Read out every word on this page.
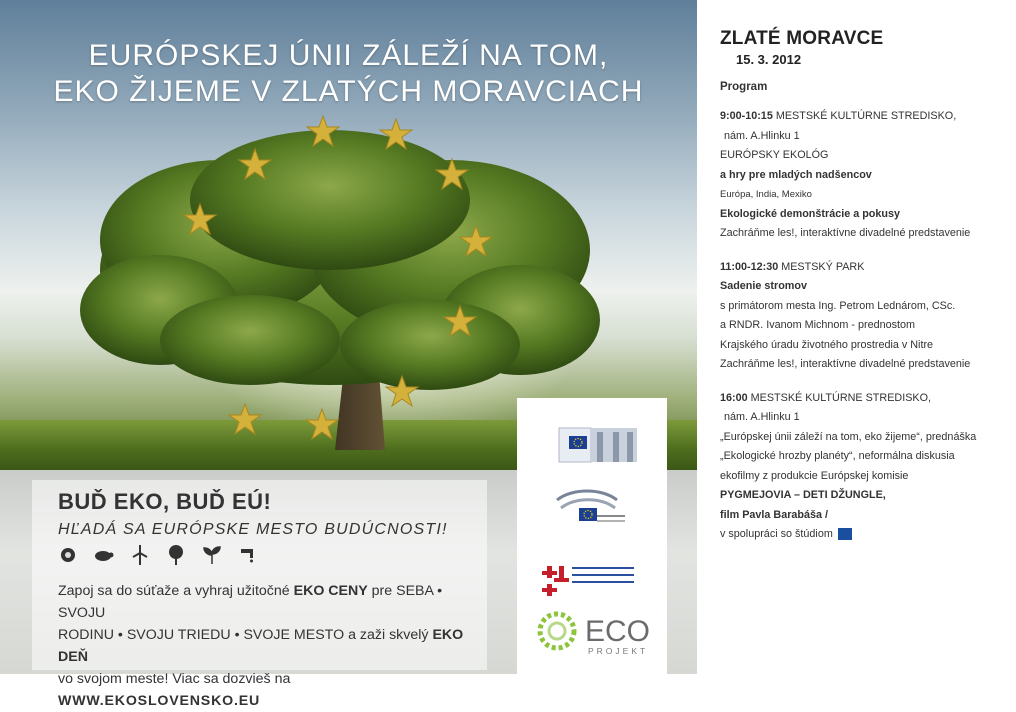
EURÓPSKEJ ÚNII ZÁLEŽÍ NA TOM,
EKO ŽIJEME V ZLATÝCH MORAVCIACH
BUĎ EKO, BUĎ EÚ!
HĽADÁ SA EURÓPSKE MESTO BUDÚCNOSTI!
Zapoj sa do súťaže a vyhraj užitočné EKO CENY pre SEBA • SVOJU
RODINU • SVOJU TRIEDU • SVOJE MESTO a zaži skvelý EKO DEŇ
vo svojom meste! Viac sa dozvieš na WWW.EKOSLOVENSKO.EU
ECO
PROJEKT
ZLATÉ MORAVCE
15. 3. 2012
Program
9:00-10:15 MESTSKÉ KULTÚRNE STREDISKO,
nám. A.Hlinku 1
EURÓPSKY EKOLÓG
a hry pre mladých nadšencov
Európa, India, Mexiko
Ekologické demonštrácie a pokusy
Zachráňme les!, interaktívne divadelné predstavenie
11:00-12:30 MESTSKÝ PARK
Sadenie stromov
s primátorom mesta Ing. Petrom Lednárom, CSc.
a RNDR. Ivanom Michnom - prednostom
Krajského úradu životného prostredia v Nitre
Zachráňme les!, interaktívne divadelné predstavenie
16:00 MESTSKÉ KULTÚRNE STREDISKO,
nám. A.Hlinku 1
„Európskej únii záleží na tom, eko žijeme“, prednáška
„Ekologické hrozby planéty“, neformálna diskusia
ekofilmy z produkcie Európskej komisie
PYGMEJOVIA – DETI DŽUNGLE,
film Pavla Barabáša /
v spolupráci so štúdiom
